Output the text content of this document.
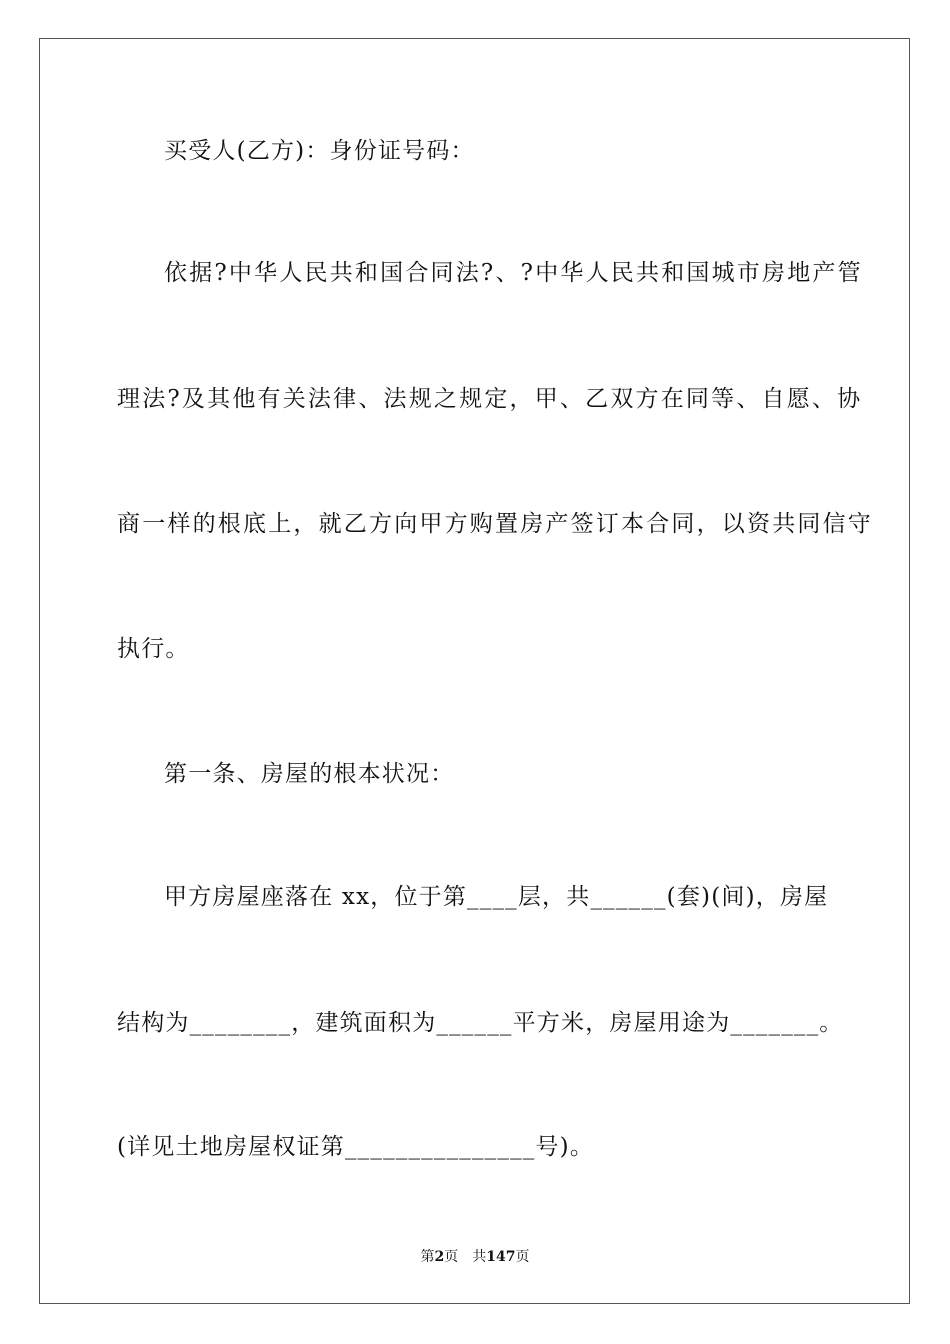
买受人(乙方)：身份证号码：
依据?中华人民共和国合同法?、?中华人民共和国城市房地产管
理法?及其他有关法律、法规之规定，甲、乙双方在同等、自愿、协
商一样的根底上，就乙方向甲方购置房产签订本合同，以资共同信守
执行。
第一条、房屋的根本状况：
甲方房屋座落在 xx，位于第____层，共______(套)(间)，房屋
结构为________，建筑面积为______平方米，房屋用途为_______。
(详见土地房屋权证第_______________号)。
第2页　共147页
